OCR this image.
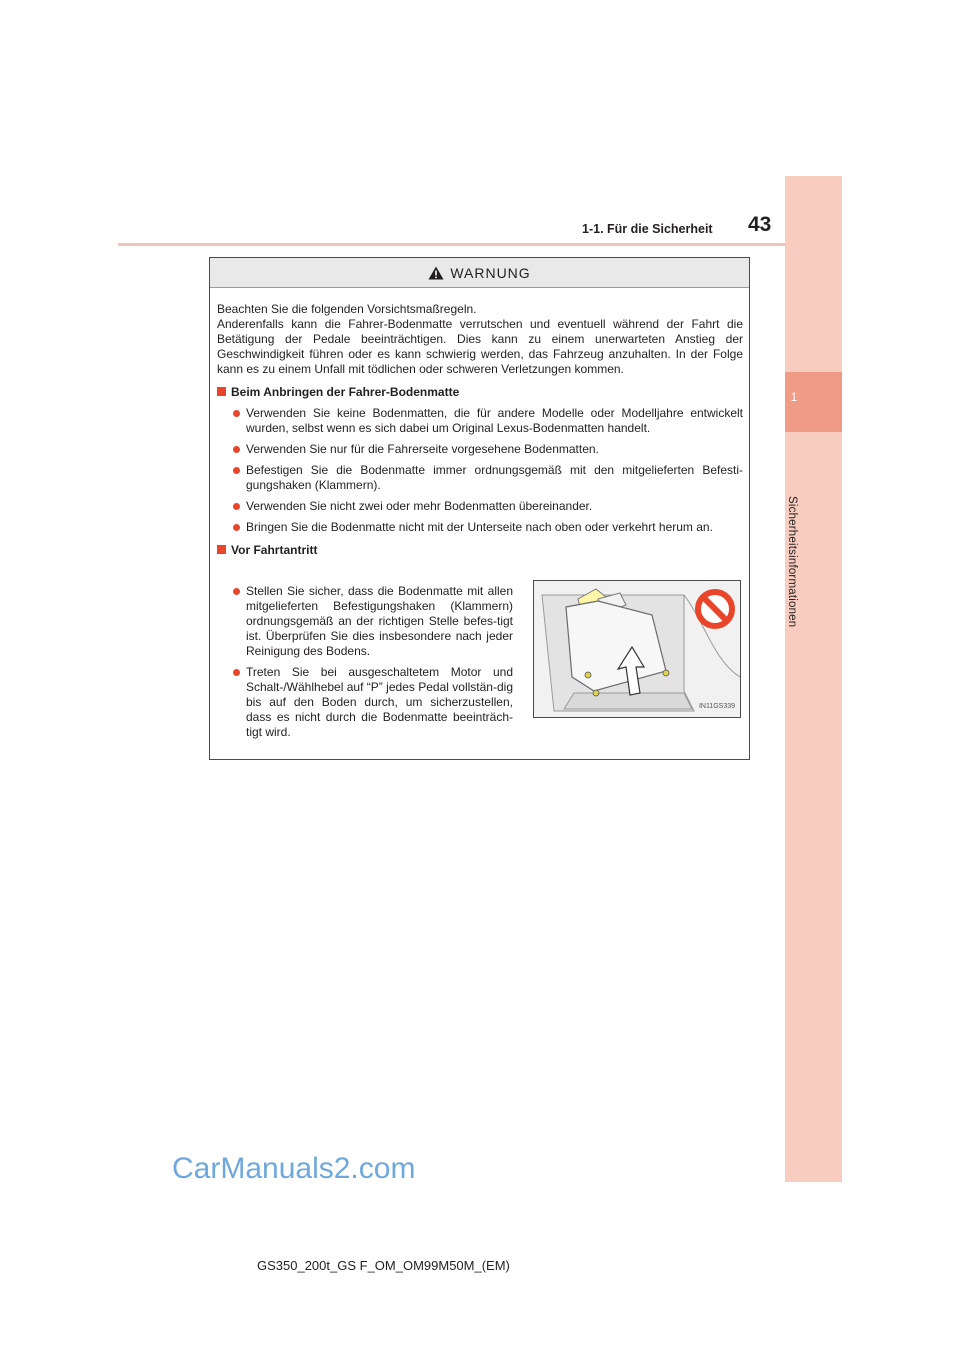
1-1. Für die Sicherheit 43
1
Sicherheitsinformationen
WARNUNG

Beachten Sie die folgenden Vorsichtsmaßregeln.

Anderenfalls kann die Fahrer-Bodenmatte verrutschen und eventuell während der Fahrt die Betätigung der Pedale beeinträchtigen. Dies kann zu einem unerwarteten Anstieg der Geschwindigkeit führen oder es kann schwierig werden, das Fahrzeug anzuhalten. In der Folge kann es zu einem Unfall mit tödlichen oder schweren Verletzungen kommen.

Beim Anbringen der Fahrer-Bodenmatte

Verwenden Sie keine Bodenmatten, die für andere Modelle oder Modelljahre entwickelt wurden, selbst wenn es sich dabei um Original Lexus-Bodenmatten handelt.
Verwenden Sie nur für die Fahrerseite vorgesehene Bodenmatten.
Befestigen Sie die Bodenmatte immer ordnungsgemäß mit den mitgelieferten Befesti-gungshaken (Klammern).
Verwenden Sie nicht zwei oder mehr Bodenmatten übereinander.
Bringen Sie die Bodenmatte nicht mit der Unterseite nach oben oder verkehrt herum an.

Vor Fahrtantritt

Stellen Sie sicher, dass die Bodenmatte mit allen mitgelieferten Befestigungshaken (Klammern) ordnungsgemäß an der richtigen Stelle befes-tigt ist. Überprüfen Sie dies insbesondere nach jeder Reinigung des Bodens.
Treten Sie bei ausgeschaltetem Motor und Schalt-/Wählhebel auf “P” jedes Pedal vollstän-dig bis auf den Boden durch, um sicherzustellen, dass es nicht durch die Bodenmatte beeinträch-tigt wird.
IN11GS339
CarManuals2.com
GS350_200t_GS F_OM_OM99M50M_(EM)
